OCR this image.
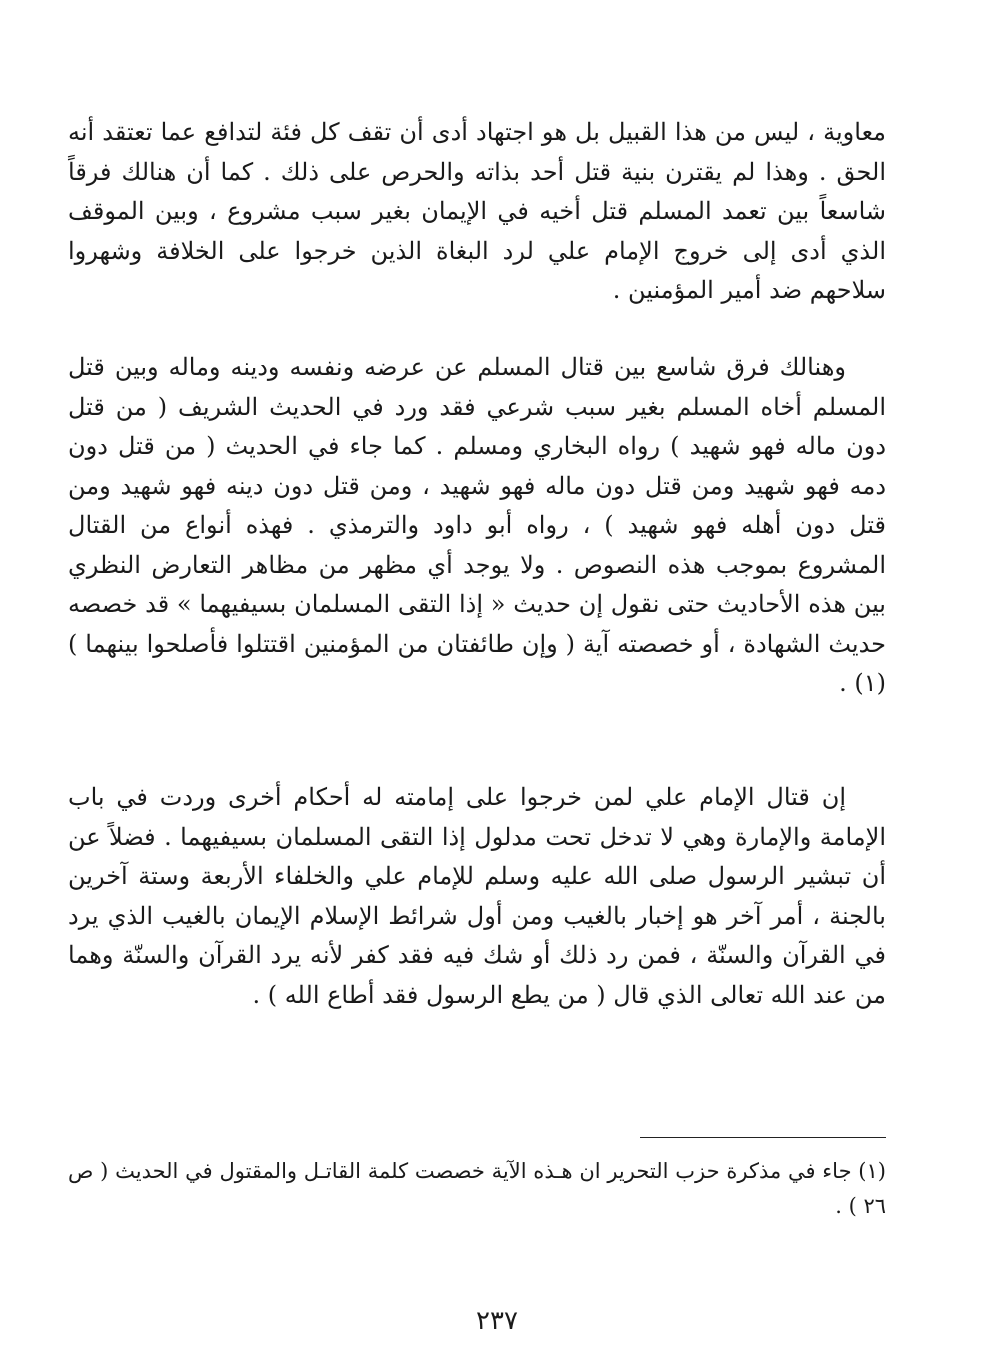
معاوية ، ليس من هذا القبيل بل هو اجتهاد أدى أن تقف كل فئة لتدافع عما تعتقد أنه الحق . وهذا لم يقترن بنية قتل أحد بذاته والحرص على ذلك . كما أن هنالك فرقاً شاسعاً بين تعمد المسلم قتل أخيه في الإيمان بغير سبب مشروع ، وبين الموقف الذي أدى إلى خروج الإمام علي لرد البغاة الذين خرجوا على الخلافة وشهروا سلاحهم ضد أمير المؤمنين .

وهنالك فرق شاسع بين قتال المسلم عن عرضه ونفسه ودينه وماله وبين قتل المسلم أخاه المسلم بغير سبب شرعي فقد ورد في الحديث الشريف ( من قتل دون ماله فهو شهيد ) رواه البخاري ومسلم . كما جاء في الحديث ( من قتل دون دمه فهو شهيد ومن قتل دون ماله فهو شهيد ، ومن قتل دون دينه فهو شهيد ومن قتل دون أهله فهو شهيد ) ، رواه أبو داود والترمذي . فهذه أنواع من القتال المشروع بموجب هذه النصوص . ولا يوجد أي مظهر من مظاهر التعارض النظري بين هذه الأحاديث حتى نقول إن حديث « إذا التقى المسلمان بسيفيهما » قد خصصه حديث الشهادة ، أو خصصته آية ( وإن طائفتان من المؤمنين اقتتلوا فأصلحوا بينهما ) (١) .

إن قتال الإمام علي لمن خرجوا على إمامته له أحكام أخرى وردت في باب الإمامة والإمارة وهي لا تدخل تحت مدلول إذا التقى المسلمان بسيفيهما . فضلاً عن أن تبشير الرسول صلى الله عليه وسلم للإمام علي والخلفاء الأربعة وستة آخرين بالجنة ، أمر آخر هو إخبار بالغيب ومن أول شرائط الإسلام الإيمان بالغيب الذي يرد في القرآن والسنّة ، فمن رد ذلك أو شك فيه فقد كفر لأنه يرد القرآن والسنّة وهما من عند الله تعالى الذي قال ( من يطع الرسول فقد أطاع الله ) .

(١) جاء في مذكرة حزب التحرير ان هـذه الآية خصصت كلمة القاتـل والمقتول في الحديث ( ص ٢٦ ) .

٢٣٧
